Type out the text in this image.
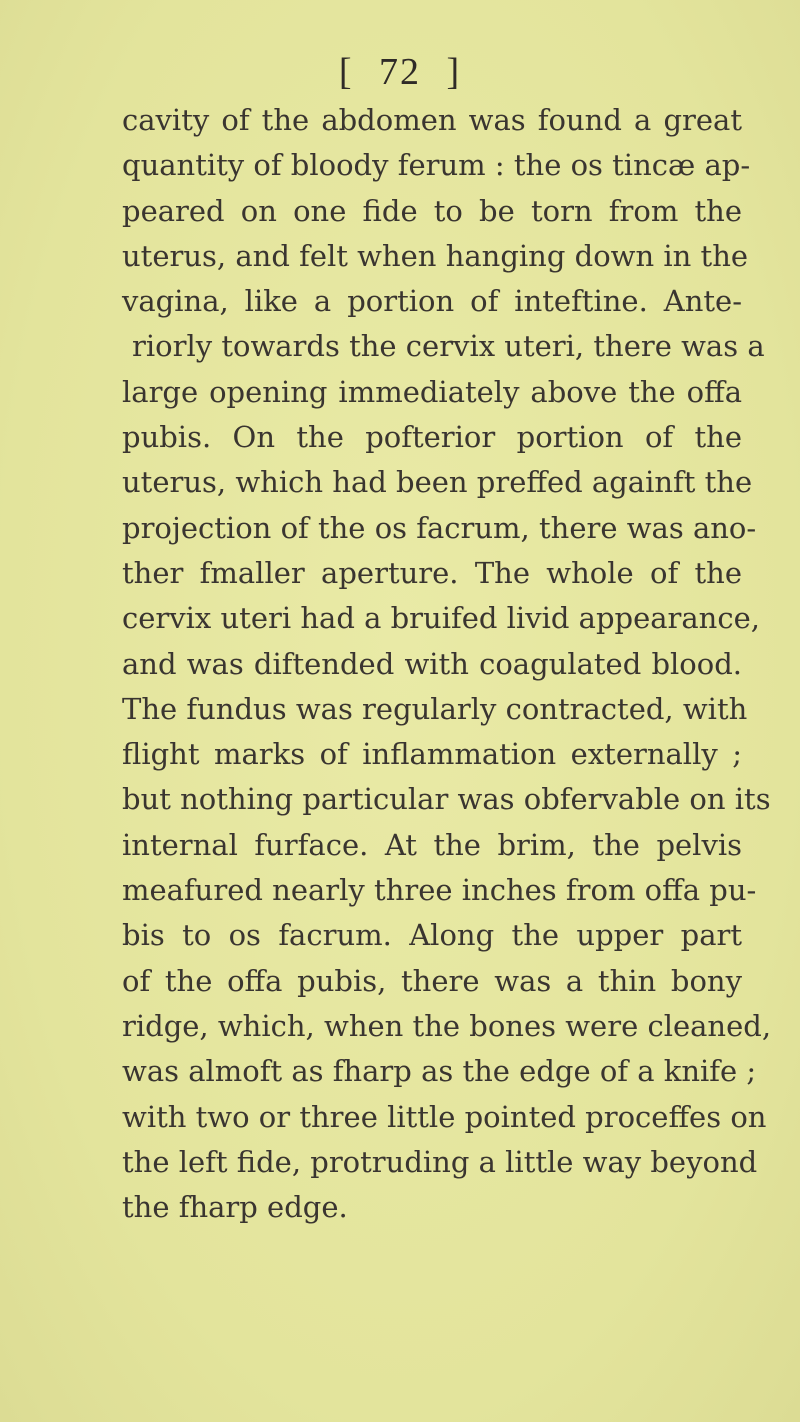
[ 72 ]
cavity of the abdomen was found a great
quantity of bloody ferum : the os tincæ ap-
peared on one fide to be torn from the
uterus, and felt when hanging down in the
vagina, like a portion of inteftine. Ante-
riorly towards the cervix uteri, there was a
large opening immediately above the offa
pubis. On the pofterior portion of the
uterus, which had been preffed againft the
projection of the os facrum, there was ano-
ther fmaller aperture. The whole of the
cervix uteri had a bruifed livid appearance,
and was diftended with coagulated blood.
The fundus was regularly contracted, with
flight marks of inflammation externally ;
but nothing particular was obfervable on its
internal furface. At the brim, the pelvis
meafured nearly three inches from offa pu-
bis to os facrum. Along the upper part
of the offa pubis, there was a thin bony
ridge, which, when the bones were cleaned,
was almoft as fharp as the edge of a knife ;
with two or three little pointed proceffes on
the left fide, protruding a little way beyond
the fharp edge.
